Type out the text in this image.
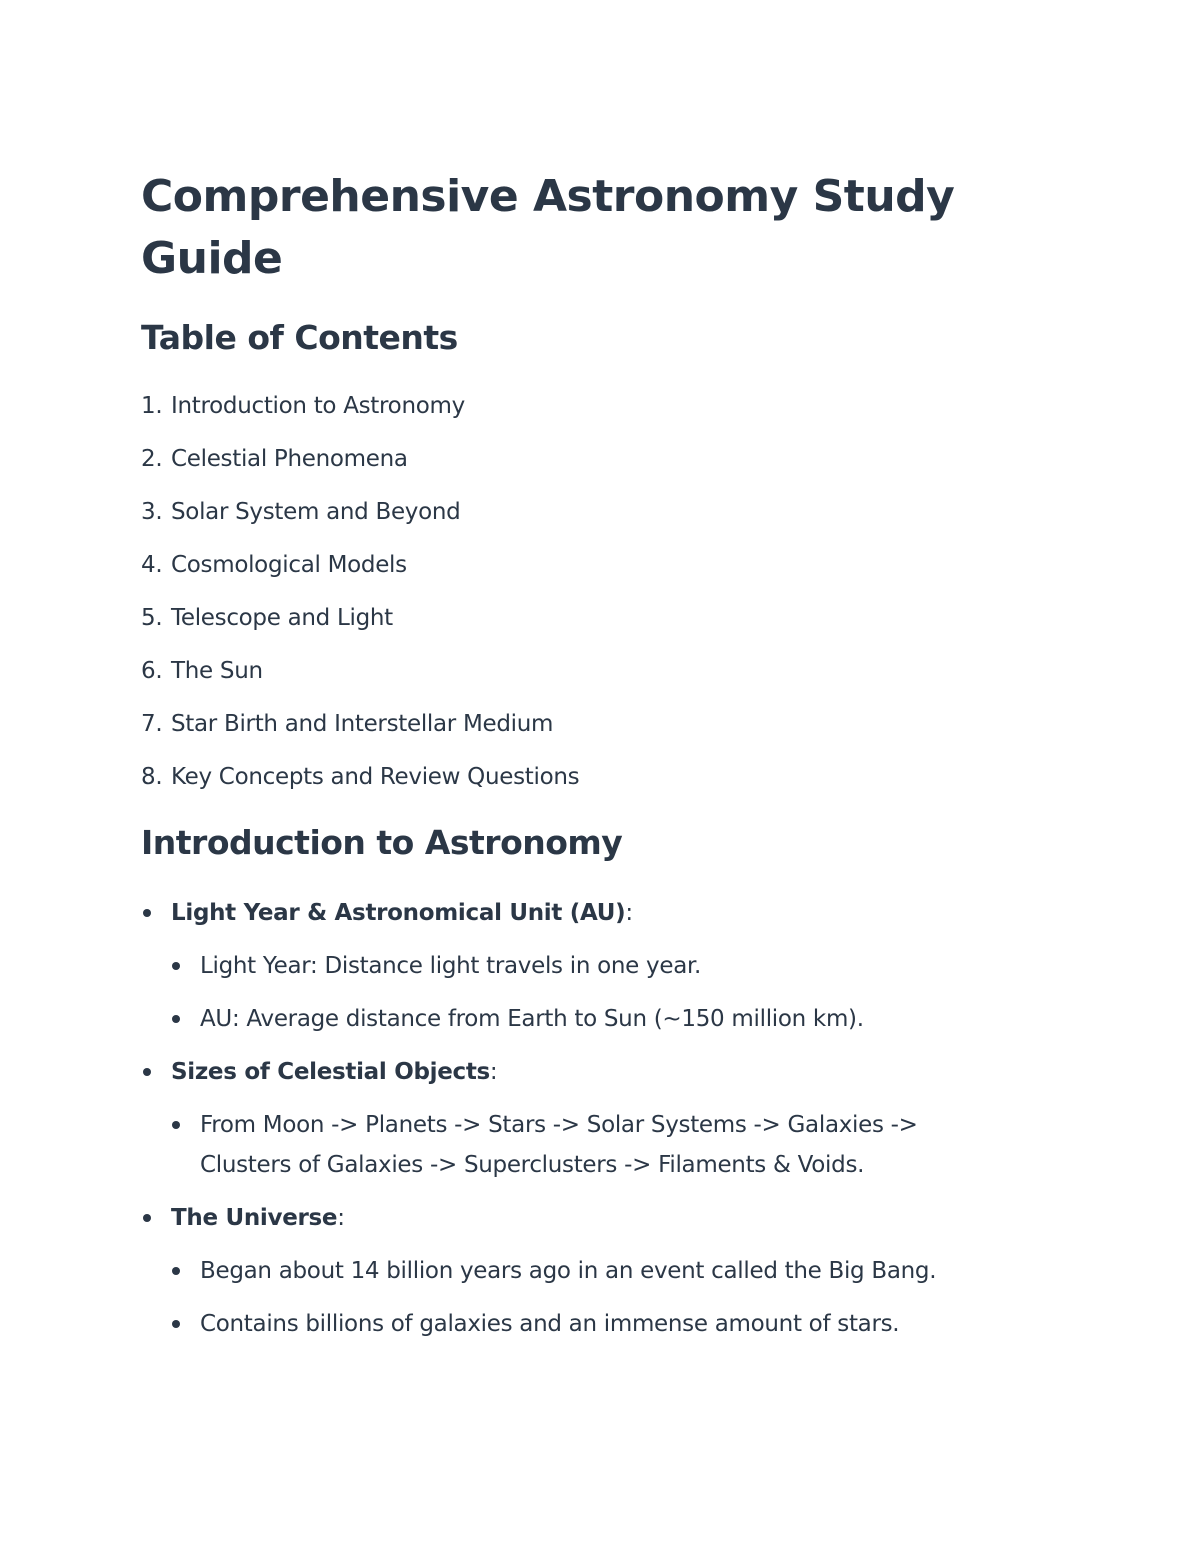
Comprehensive Astronomy Study Guide
Table of Contents
1. Introduction to Astronomy
2. Celestial Phenomena
3. Solar System and Beyond
4. Cosmological Models
5. Telescope and Light
6. The Sun
7. Star Birth and Interstellar Medium
8. Key Concepts and Review Questions
Introduction to Astronomy
Light Year & Astronomical Unit (AU):
Light Year: Distance light travels in one year.
AU: Average distance from Earth to Sun (~150 million km).
Sizes of Celestial Objects:
From Moon -> Planets -> Stars -> Solar Systems -> Galaxies -> Clusters of Galaxies -> Superclusters -> Filaments & Voids.
The Universe:
Began about 14 billion years ago in an event called the Big Bang.
Contains billions of galaxies and an immense amount of stars.
